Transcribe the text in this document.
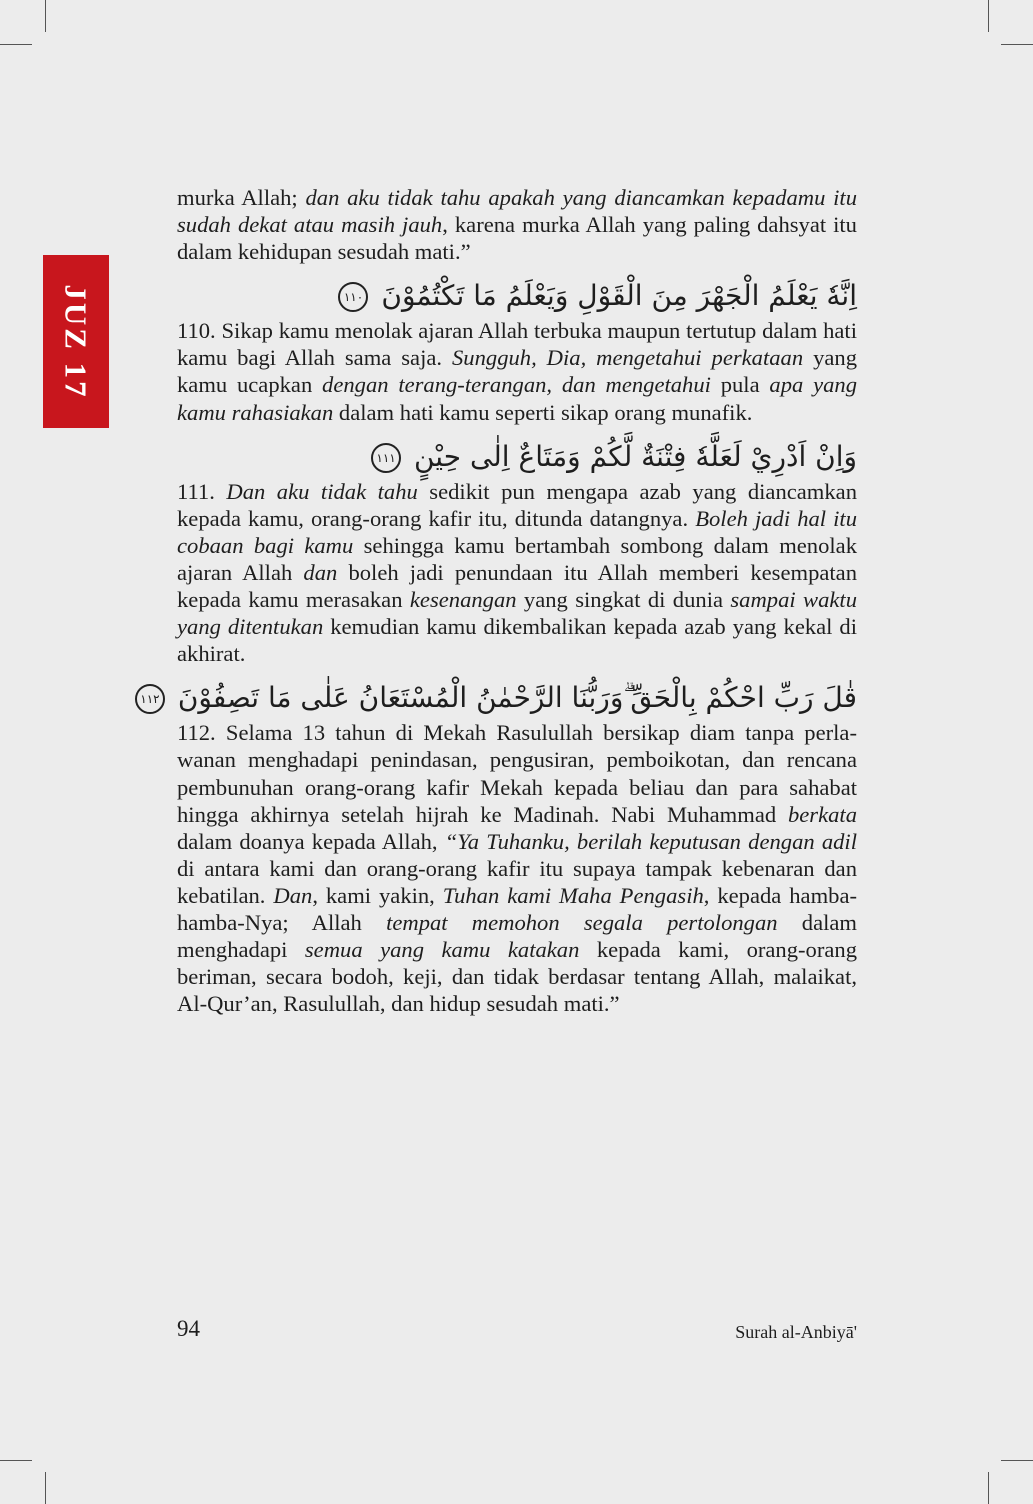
JUZ 17

murka Allah; dan aku tidak tahu apakah yang diancamkan kepadamu itu sudah dekat atau masih jauh, karena murka Allah yang paling dahsyat itu dalam kehidupan sesudah mati.”

اِنَّهٗ يَعْلَمُ الْجَهْرَ مِنَ الْقَوْلِ وَيَعْلَمُ مَا تَكْتُمُوْنَ ١١٠

110. Sikap kamu menolak ajaran Allah terbuka maupun tertutup dalam hati kamu bagi Allah sama saja. Sungguh, Dia, mengetahui perkataan yang kamu ucapkan dengan terang-terangan, dan mengetahui pula apa yang kamu rahasiakan dalam hati kamu seperti sikap orang munafik.

وَاِنْ اَدْرِيْ لَعَلَّهٗ فِتْنَةٌ لَّكُمْ وَمَتَاعٌ اِلٰى حِيْنٍ ١١١

111. Dan aku tidak tahu sedikit pun mengapa azab yang diancamkan kepada kamu, orang-orang kafir itu, ditunda datangnya. Boleh jadi hal itu cobaan bagi kamu sehingga kamu bertambah sombong dalam menolak ajaran Allah dan boleh jadi penundaan itu Allah memberi kesempatan kepada kamu merasakan kesenangan yang singkat di dunia sampai waktu yang ditentukan kemudian kamu dikembalikan kepada azab yang kekal di akhirat.

قٰلَ رَبِّ احْكُمْ بِالْحَقِّ ۗوَرَبُّنَا الرَّحْمٰنُ الْمُسْتَعَانُ عَلٰى مَا تَصِفُوْنَ ١١٢

112. Selama 13 tahun di Mekah Rasulullah bersikap diam tanpa perla-wanan menghadapi penindasan, pengusiran, pemboikotan, dan rencana pembunuhan orang-orang kafir Mekah kepada beliau dan para sahabat hingga akhirnya setelah hijrah ke Madinah. Nabi Muhammad berkata dalam doanya kepada Allah, “Ya Tuhanku, berilah keputusan dengan adil di antara kami dan orang-orang kafir itu supaya tampak kebenaran dan kebatilan. Dan, kami yakin, Tuhan kami Maha Pengasih, kepada hamba-hamba-Nya; Allah tempat memohon segala pertolongan dalam menghadapi semua yang kamu katakan kepada kami, orang-orang beriman, secara bodoh, keji, dan tidak berdasar tentang Allah, malaikat, Al-Qur’an, Rasulullah, dan hidup sesudah mati.”

94	Surah al-Anbiyā'
